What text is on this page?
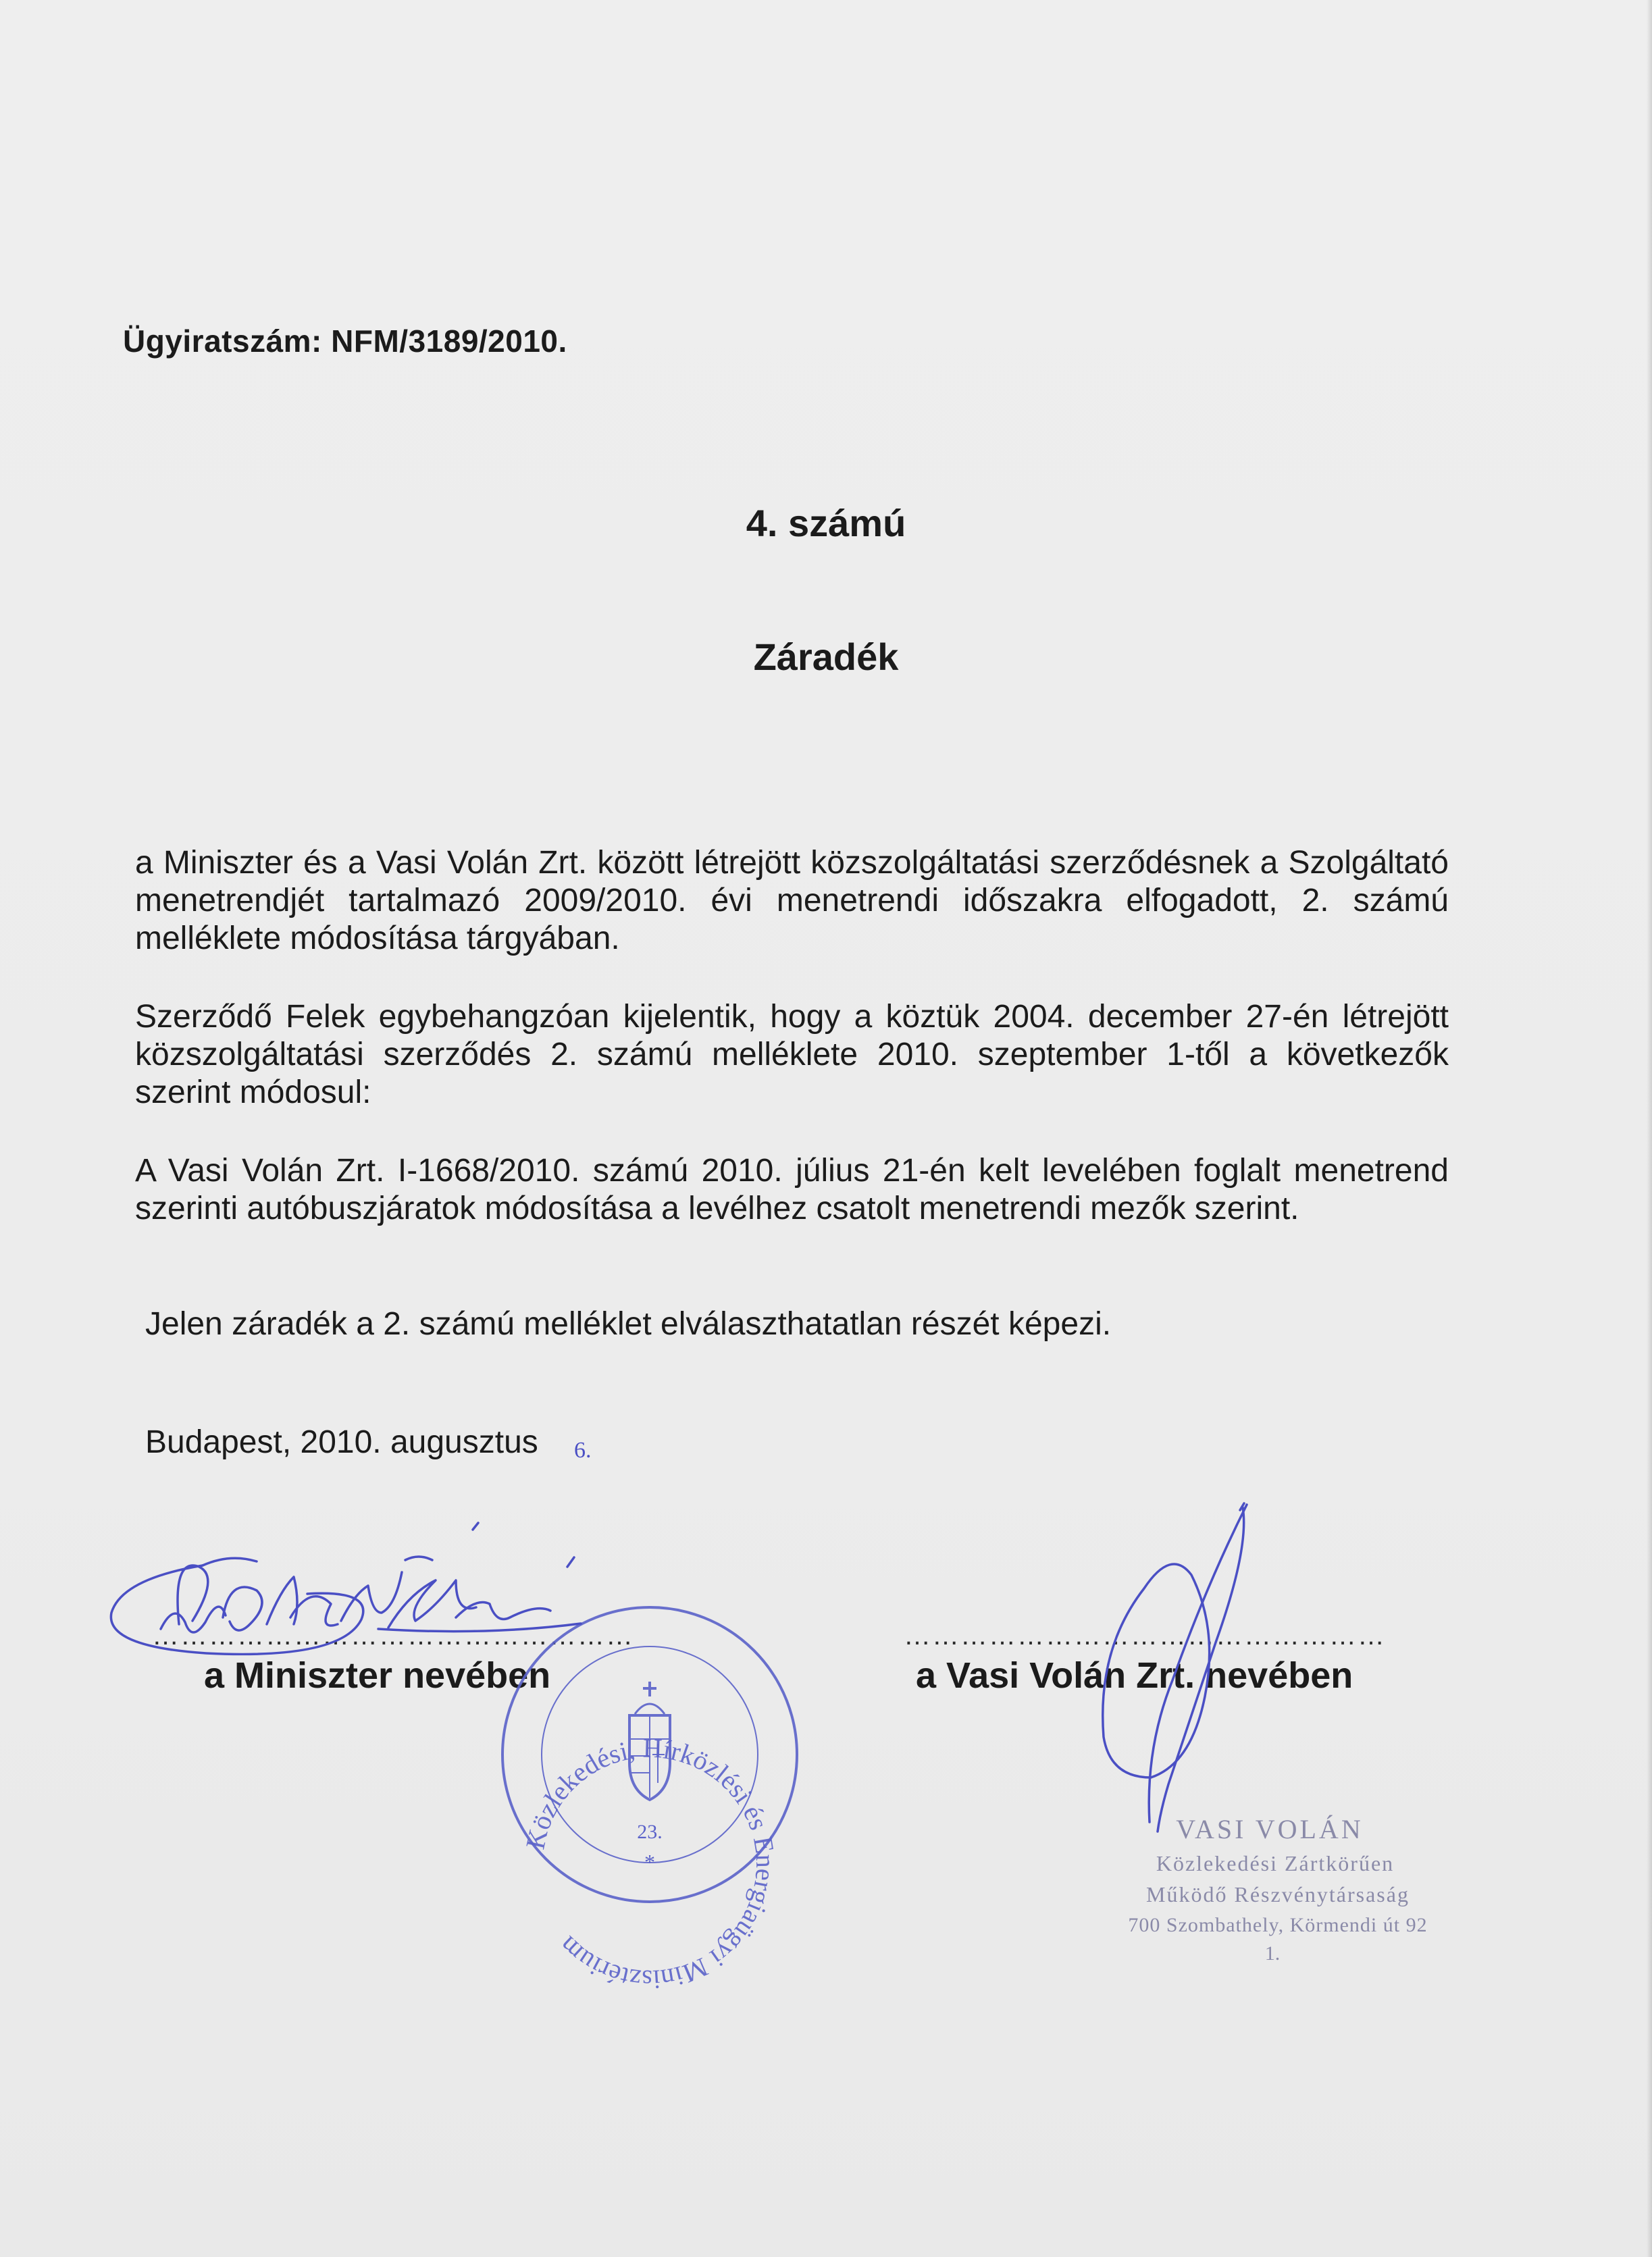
Ügyiratszám: NFM/3189/2010.
4. számú
Záradék
a Miniszter és a Vasi Volán Zrt. között létrejött közszolgáltatási szerződésnek a Szolgáltató menetrendjét tartalmazó 2009/2010. évi menetrendi időszakra elfogadott, 2. számú melléklete módosítása tárgyában.
Szerződő Felek egybehangzóan kijelentik, hogy a köztük 2004. december 27-én létrejött közszolgáltatási szerződés 2. számú melléklete 2010. szeptember 1-től a következők szerint módosul:
A Vasi Volán Zrt. I-1668/2010. számú 2010. július 21-én kelt levelében foglalt menetrend szerinti autóbuszjáratok módosítása a levélhez csatolt menetrendi mezők szerint.
Jelen záradék a 2. számú melléklet elválaszthatatlan részét képezi.
Budapest, 2010. augusztus 6.
……………………………………………	……………………………………………
a Miniszter nevében	a Vasi Volán Zrt. nevében
Közlekedési, Hírközlési és Energiaügyi Minisztérium
23.
*
VASI VOLÁN
Közlekedési Zártkörűen
Működő Részvénytársaság
700 Szombathely, Körmendi út 92
1.
